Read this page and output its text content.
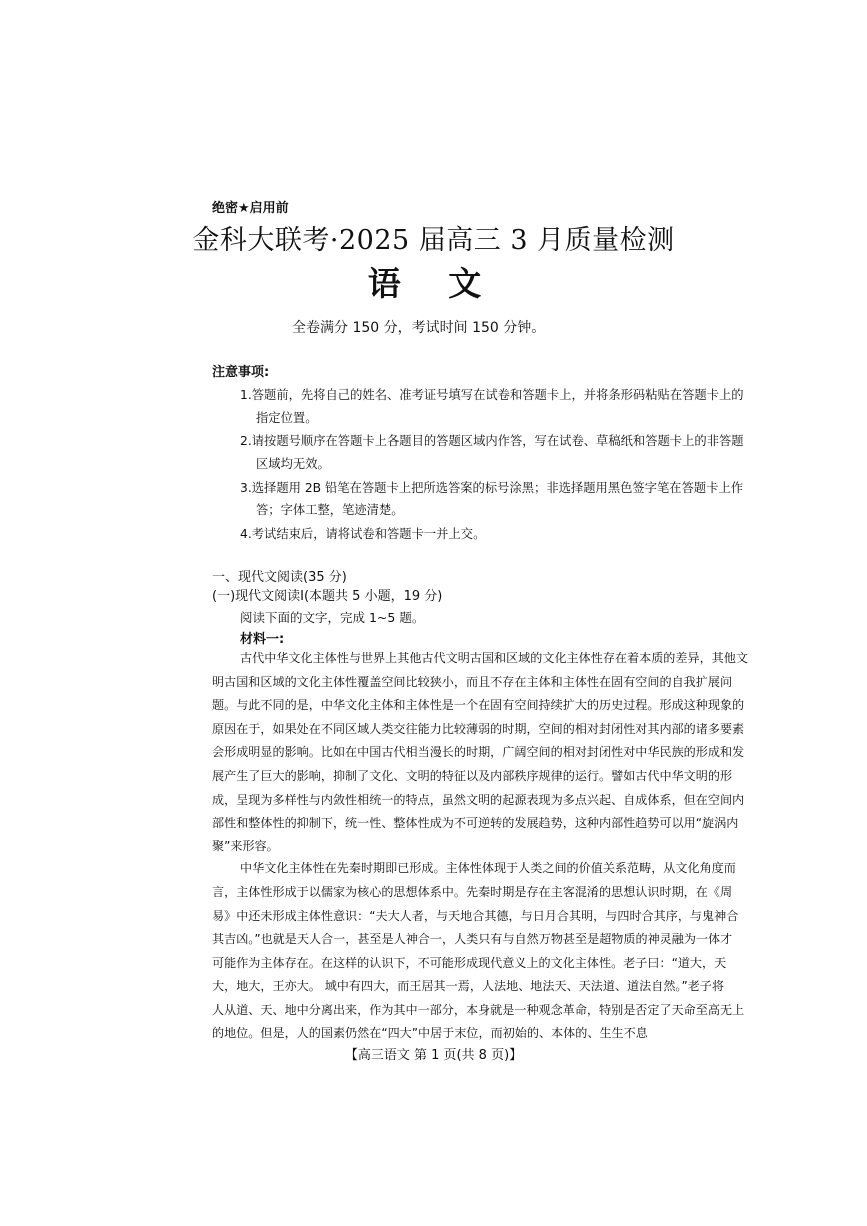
绝密★启用前
金科大联考·2025 届高三 3 月质量检测
语 文
全卷满分 150 分，考试时间 150 分钟。
注意事项:
1.答题前，先将自己的姓名、准考证号填写在试卷和答题卡上，并将条形码粘贴在答题卡上的
指定位置。
2.请按题号顺序在答题卡上各题目的答题区域内作答，写在试卷、草稿纸和答题卡上的非答题
区域均无效。
3.选择题用 2B 铅笔在答题卡上把所选答案的标号涂黑；非选择题用黑色签字笔在答题卡上作
答；字体工整，笔迹清楚。
4.考试结束后，请将试卷和答题卡一并上交。
一、现代文阅读(35 分)
(一)现代文阅读Ⅰ(本题共 5 小题，19 分)
阅读下面的文字，完成 1~5 题。
材料一:
古代中华文化主体性与世界上其他古代文明古国和区域的文化主体性存在着本质的差异，其他文
明古国和区域的文化主体性覆盖空间比较狭小，而且不存在主体和主体性在固有空间的自我扩展问
题。与此不同的是，中华文化主体和主体性是一个在固有空间持续扩大的历史过程。形成这种现象的
原因在于，如果处在不同区域人类交往能力比较薄弱的时期，空间的相对封闭性对其内部的诸多要素
会形成明显的影响。比如在中国古代相当漫长的时期，广阔空间的相对封闭性对中华民族的形成和发
展产生了巨大的影响，抑制了文化、文明的特征以及内部秩序规律的运行。譬如古代中华文明的形
成，呈现为多样性与内敛性相统一的特点，虽然文明的起源表现为多点兴起、自成体系，但在空间内
部性和整体性的抑制下，统一性、整体性成为不可逆转的发展趋势，这种内部性趋势可以用“旋涡内
聚”来形容。
中华文化主体性在先秦时期即已形成。主体性体现于人类之间的价值关系范畴，从文化角度而
言，主体性形成于以儒家为核心的思想体系中。先秦时期是存在主客混淆的思想认识时期，在《周
易》中还未形成主体性意识：“夫大人者，与天地合其德，与日月合其明，与四时合其序，与鬼神合
其吉凶。”也就是天人合一，甚至是人神合一，人类只有与自然万物甚至是超物质的神灵融为一体才
可能作为主体存在。在这样的认识下，不可能形成现代意义上的文化主体性。老子曰：“道大，天
大，地大，王亦大。 域中有四大，而王居其一焉，人法地、地法天、天法道、道法自然。”老子将
人从道、天、地中分离出来，作为其中一部分，本身就是一种观念革命，特别是否定了天命至高无上
的地位。但是，人的国素仍然在“四大”中居于末位，而初始的、本体的、生生不息
【高三语文 第 1 页(共 8 页)】
